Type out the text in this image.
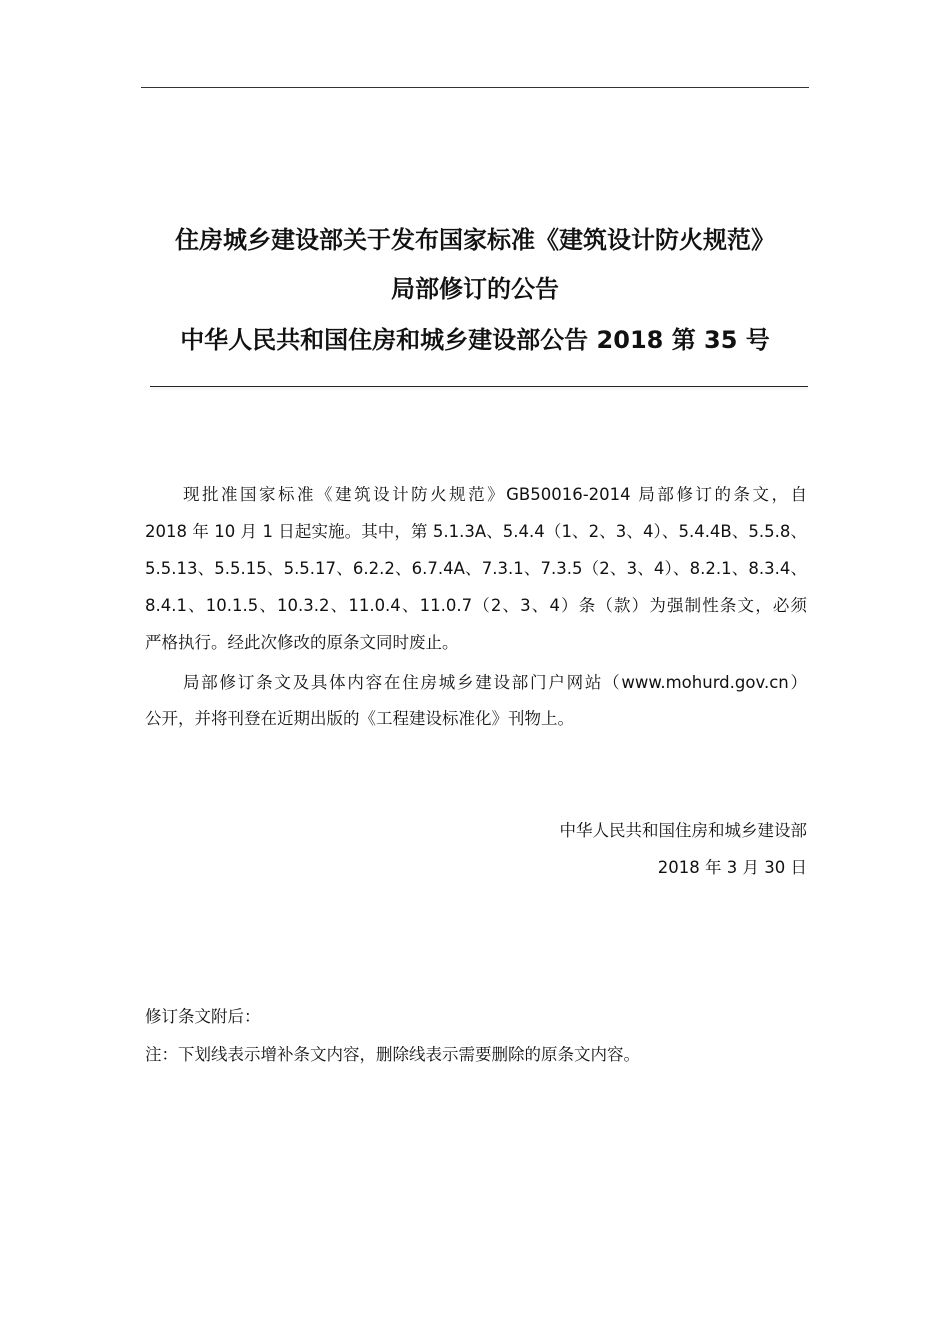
住房城乡建设部关于发布国家标准《建筑设计防火规范》
局部修订的公告
中华人民共和国住房和城乡建设部公告 2018 第 35 号
现批准国家标准《建筑设计防火规范》GB50016-2014 局部修订的条文，自
2018 年 10 月 1 日起实施。其中，第 5.1.3A、5.4.4（1、2、3、4）、5.4.4B、5.5.8、
5.5.13、5.5.15、5.5.17、6.2.2、6.7.4A、7.3.1、7.3.5（2、3、4）、8.2.1、8.3.4、
8.4.1、10.1.5、10.3.2、11.0.4、11.0.7（2、3、4）条（款）为强制性条文，必须
严格执行。经此次修改的原条文同时废止。
局部修订条文及具体内容在住房城乡建设部门户网站（www.mohurd.gov.cn）
公开，并将刊登在近期出版的《工程建设标准化》刊物上。
中华人民共和国住房和城乡建设部
2018 年 3 月 30 日
修订条文附后：
注：下划线表示增补条文内容，删除线表示需要删除的原条文内容。
